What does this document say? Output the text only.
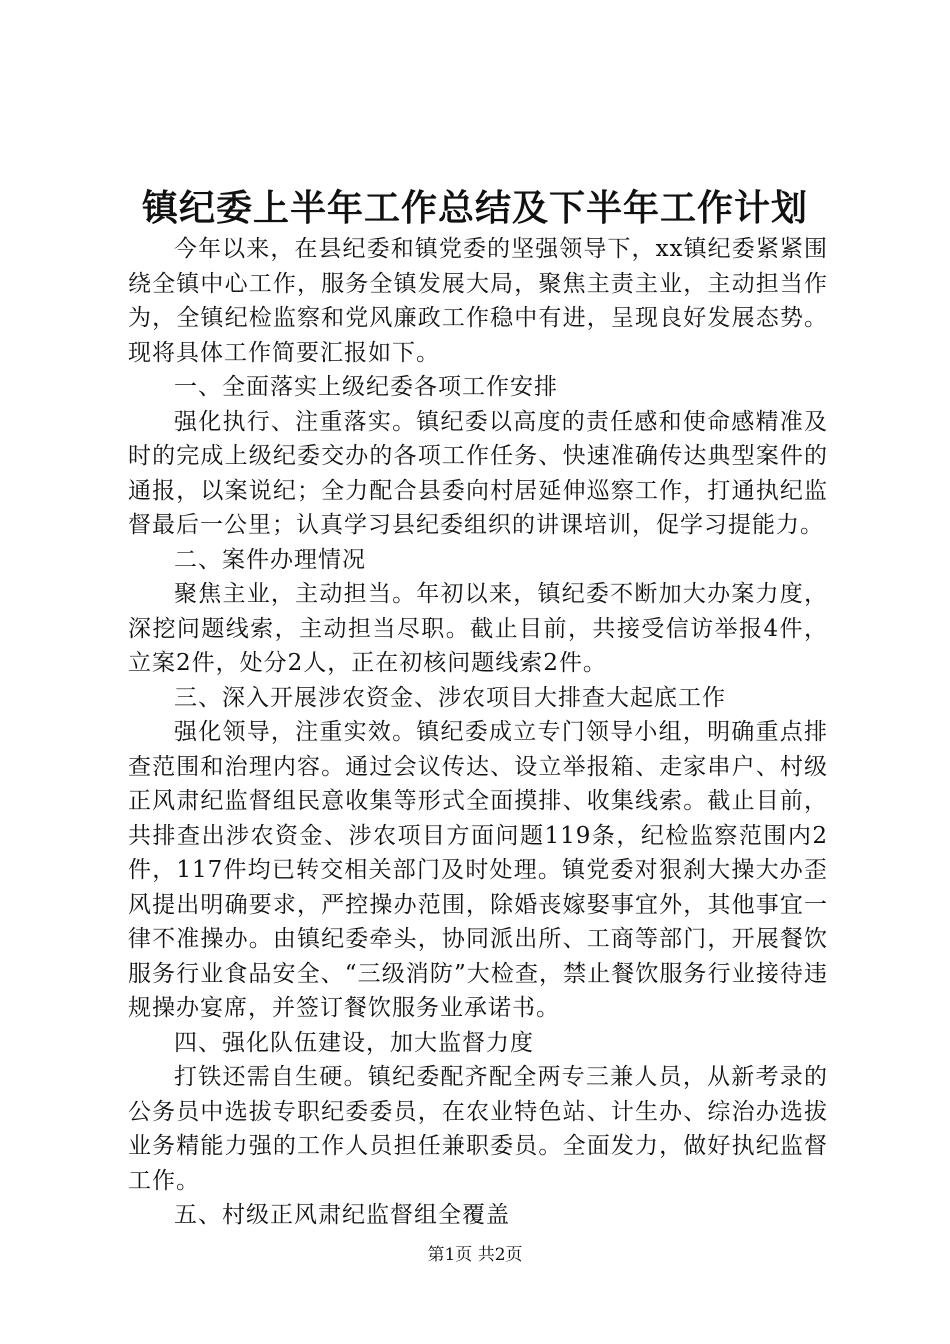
镇纪委上半年工作总结及下半年工作计划

今年以来，在县纪委和镇党委的坚强领导下，xx镇纪委紧紧围绕全镇中心工作，服务全镇发展大局，聚焦主责主业，主动担当作为，全镇纪检监察和党风廉政工作稳中有进，呈现良好发展态势。现将具体工作简要汇报如下。

一、全面落实上级纪委各项工作安排

强化执行、注重落实。镇纪委以高度的责任感和使命感精准及时的完成上级纪委交办的各项工作任务、快速准确传达典型案件的通报，以案说纪；全力配合县委向村居延伸巡察工作，打通执纪监督最后一公里；认真学习县纪委组织的讲课培训，促学习提能力。

二、案件办理情况

聚焦主业，主动担当。年初以来，镇纪委不断加大办案力度，深挖问题线索，主动担当尽职。截止目前，共接受信访举报4件，立案2件，处分2人，正在初核问题线索2件。

三、深入开展涉农资金、涉农项目大排查大起底工作

强化领导，注重实效。镇纪委成立专门领导小组，明确重点排查范围和治理内容。通过会议传达、设立举报箱、走家串户、村级正风肃纪监督组民意收集等形式全面摸排、收集线索。截止目前，共排查出涉农资金、涉农项目方面问题119条，纪检监察范围内2件，117件均已转交相关部门及时处理。镇党委对狠刹大操大办歪风提出明确要求，严控操办范围，除婚丧嫁娶事宜外，其他事宜一律不准操办。由镇纪委牵头，协同派出所、工商等部门，开展餐饮服务行业食品安全、“三级消防”大检查，禁止餐饮服务行业接待违规操办宴席，并签订餐饮服务业承诺书。

四、强化队伍建设，加大监督力度

打铁还需自生硬。镇纪委配齐配全两专三兼人员，从新考录的公务员中选拔专职纪委委员，在农业特色站、计生办、综治办选拔业务精能力强的工作人员担任兼职委员。全面发力，做好执纪监督工作。

五、村级正风肃纪监督组全覆盖

第1页 共2页
